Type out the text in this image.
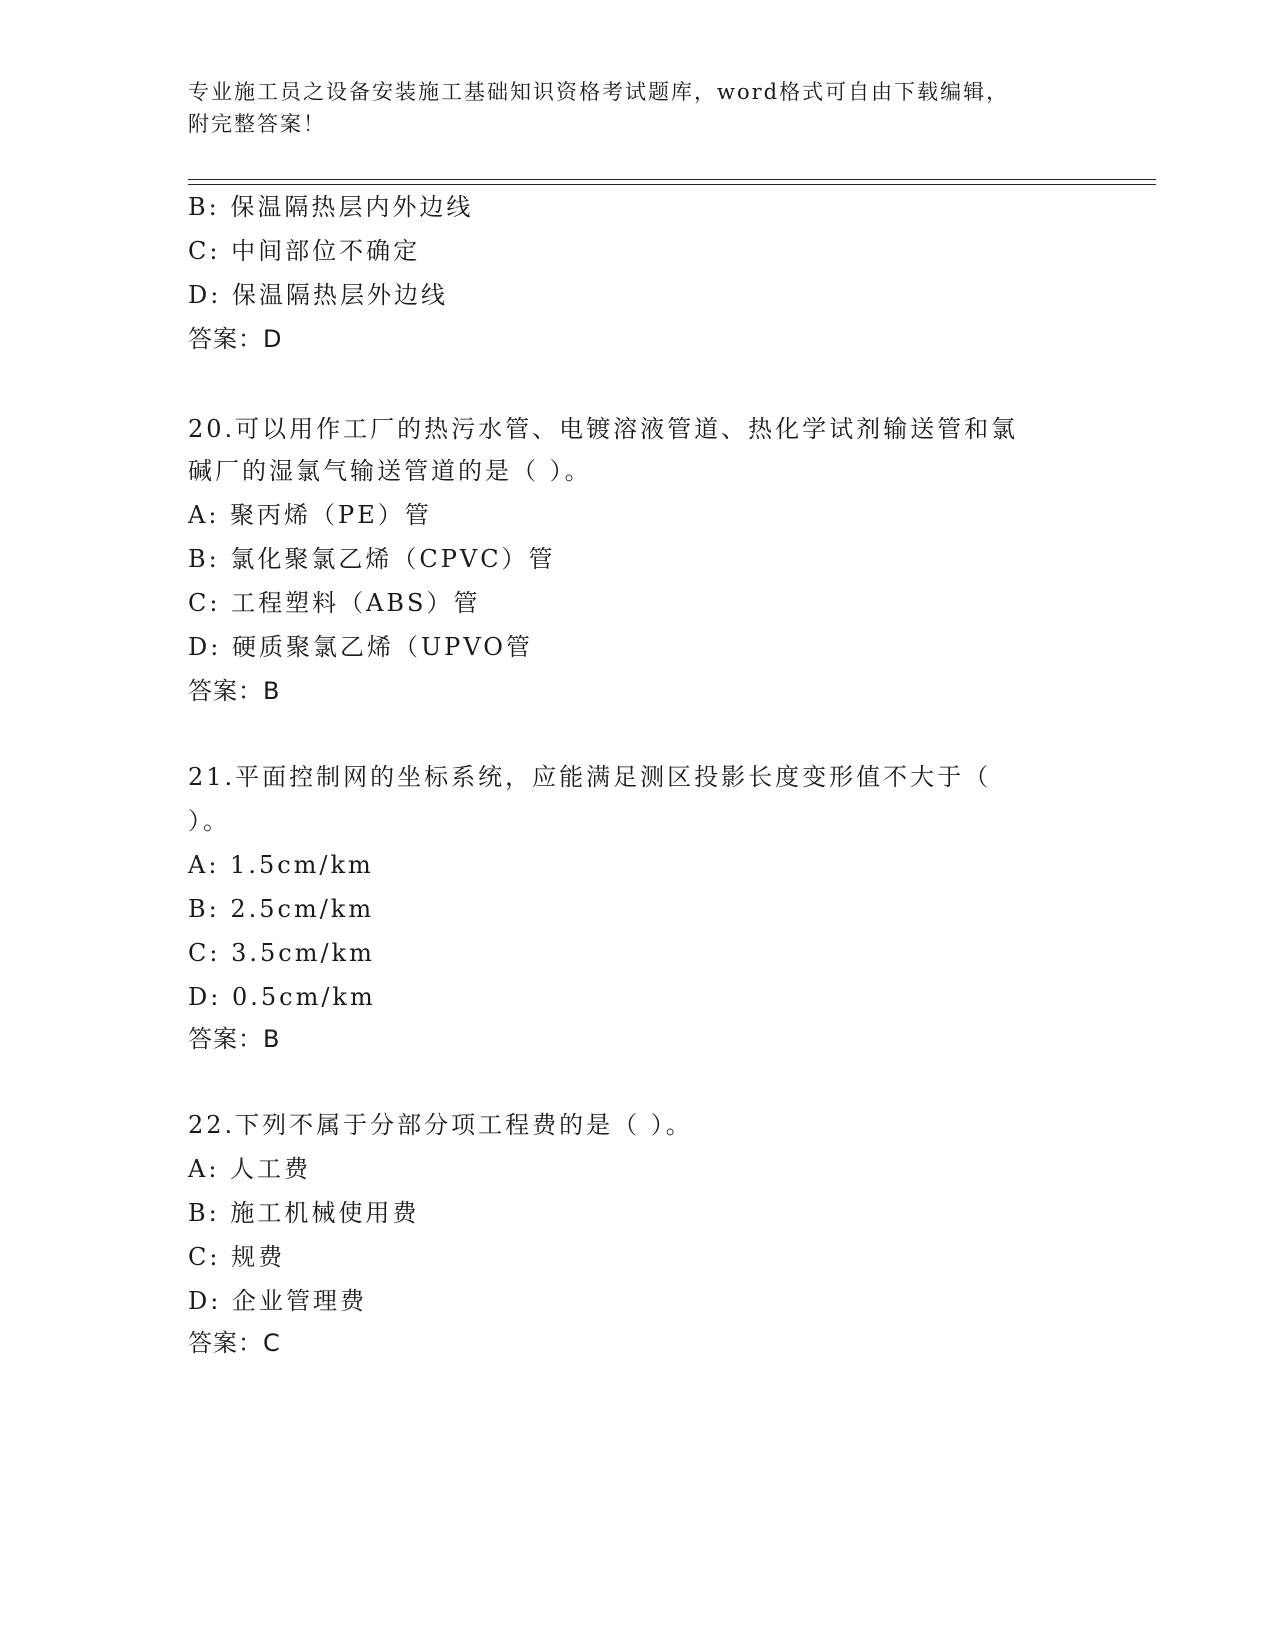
专业施工员之设备安装施工基础知识资格考试题库，word格式可自由下载编辑，
附完整答案！
B: 保温隔热层内外边线
C: 中间部位不确定
D: 保温隔热层外边线
答案：D
20.可以用作工厂的热污水管、电镀溶液管道、热化学试剂输送管和氯
碱厂的湿氯气输送管道的是（ ）。
A: 聚丙烯（PE）管
B: 氯化聚氯乙烯（CPVC）管
C: 工程塑料（ABS）管
D: 硬质聚氯乙烯（UPVO管
答案：B
21.平面控制网的坐标系统，应能满足测区投影长度变形值不大于（
）。
A: 1.5cm/km
B: 2.5cm/km
C: 3.5cm/km
D: 0.5cm/km
答案：B
22.下列不属于分部分项工程费的是（ ）。
A: 人工费
B: 施工机械使用费
C: 规费
D: 企业管理费
答案：C
